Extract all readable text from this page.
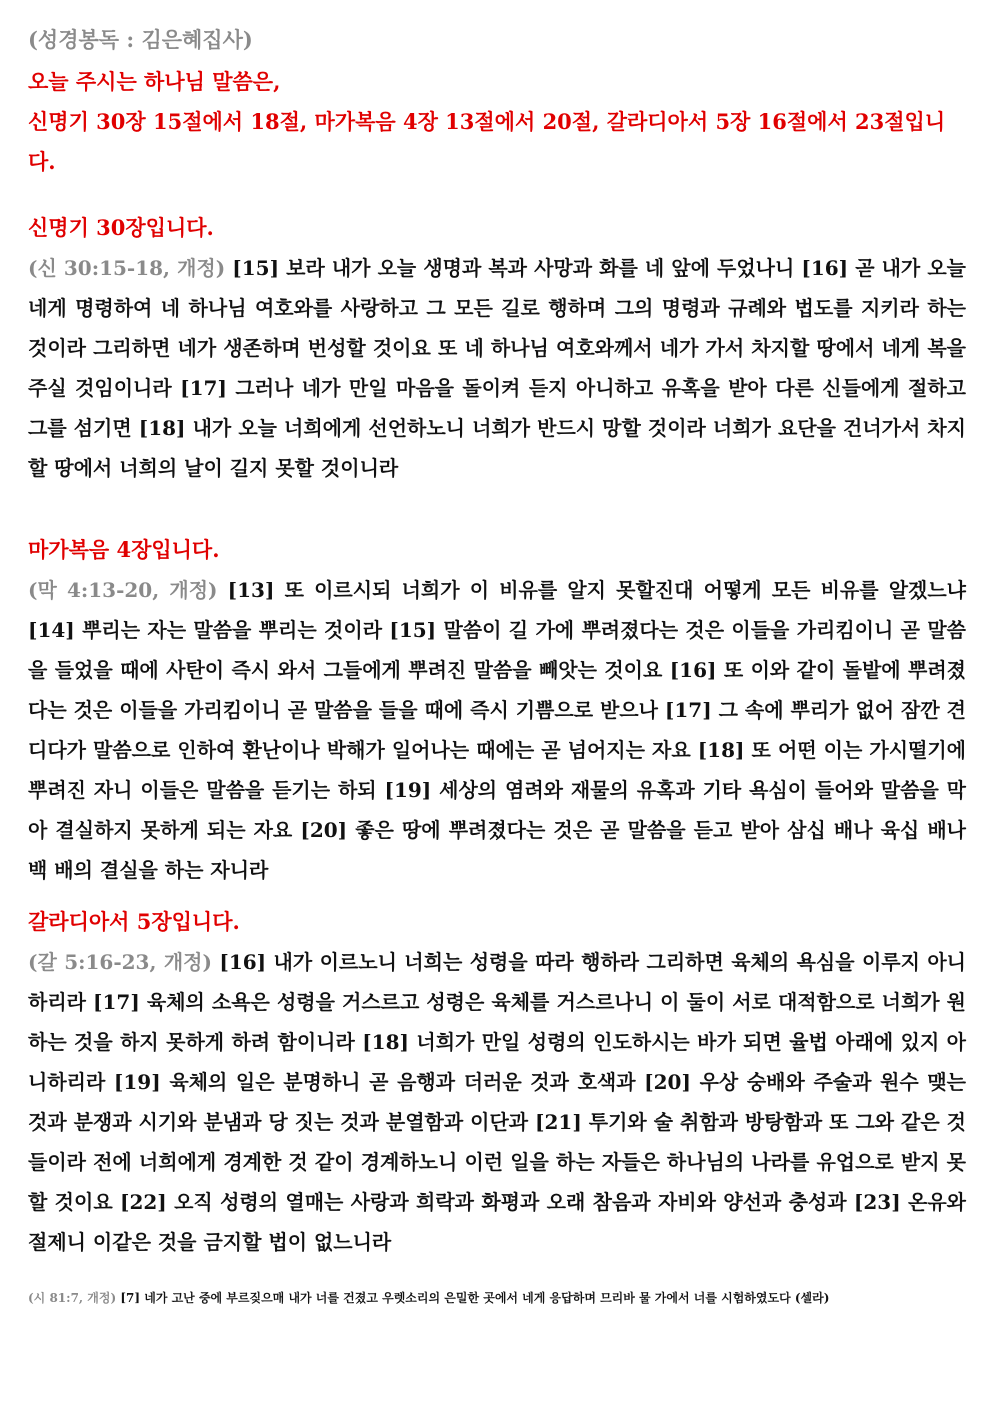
(성경봉독 : 김은혜집사)
오늘 주시는 하나님 말씀은,
신명기 30장 15절에서 18절, 마가복음 4장 13절에서 20절, 갈라디아서 5장 16절에서 23절입니다.
신명기 30장입니다.
(신 30:15-18, 개정) [15] 보라 내가 오늘 생명과 복과 사망과 화를 네 앞에 두었나니 [16] 곧 내가 오늘 네게 명령하여 네 하나님 여호와를 사랑하고 그 모든 길로 행하며 그의 명령과 규례와 법도를 지키라 하는 것이라 그리하면 네가 생존하며 번성할 것이요 또 네 하나님 여호와께서 네가 가서 차지할 땅에서 네게 복을 주실 것임이니라 [17] 그러나 네가 만일 마음을 돌이켜 듣지 아니하고 유혹을 받아 다른 신들에게 절하고 그를 섬기면 [18] 내가 오늘 너희에게 선언하노니 너희가 반드시 망할 것이라 너희가 요단을 건너가서 차지할 땅에서 너희의 날이 길지 못할 것이니라
마가복음 4장입니다.
(막 4:13-20, 개정) [13] 또 이르시되 너희가 이 비유를 알지 못할진대 어떻게 모든 비유를 알겠느냐 [14] 뿌리는 자는 말씀을 뿌리는 것이라 [15] 말씀이 길 가에 뿌려졌다는 것은 이들을 가리킴이니 곧 말씀을 들었을 때에 사탄이 즉시 와서 그들에게 뿌려진 말씀을 빼앗는 것이요 [16] 또 이와 같이 돌밭에 뿌려졌다는 것은 이들을 가리킴이니 곧 말씀을 들을 때에 즉시 기쁨으로 받으나 [17] 그 속에 뿌리가 없어 잠깐 견디다가 말씀으로 인하여 환난이나 박해가 일어나는 때에는 곧 넘어지는 자요 [18] 또 어떤 이는 가시떨기에 뿌려진 자니 이들은 말씀을 듣기는 하되 [19] 세상의 염려와 재물의 유혹과 기타 욕심이 들어와 말씀을 막아 결실하지 못하게 되는 자요 [20] 좋은 땅에 뿌려졌다는 것은 곧 말씀을 듣고 받아 삼십 배나 육십 배나 백 배의 결실을 하는 자니라
갈라디아서 5장입니다.
(갈 5:16-23, 개정) [16] 내가 이르노니 너희는 성령을 따라 행하라 그리하면 육체의 욕심을 이루지 아니하리라 [17] 육체의 소욕은 성령을 거스르고 성령은 육체를 거스르나니 이 둘이 서로 대적함으로 너희가 원하는 것을 하지 못하게 하려 함이니라 [18] 너희가 만일 성령의 인도하시는 바가 되면 율법 아래에 있지 아니하리라 [19] 육체의 일은 분명하니 곧 음행과 더러운 것과 호색과 [20] 우상 숭배와 주술과 원수 맺는 것과 분쟁과 시기와 분냄과 당 짓는 것과 분열함과 이단과 [21] 투기와 술 취함과 방탕함과 또 그와 같은 것들이라 전에 너희에게 경계한 것 같이 경계하노니 이런 일을 하는 자들은 하나님의 나라를 유업으로 받지 못할 것이요 [22] 오직 성령의 열매는 사랑과 희락과 화평과 오래 참음과 자비와 양선과 충성과 [23] 온유와 절제니 이같은 것을 금지할 법이 없느니라
(시 81:7, 개정) [7] 네가 고난 중에 부르짖으매 내가 너를 건졌고 우렛소리의 은밀한 곳에서 네게 응답하며 므리바 물 가에서 너를 시험하였도다 (셀라)
